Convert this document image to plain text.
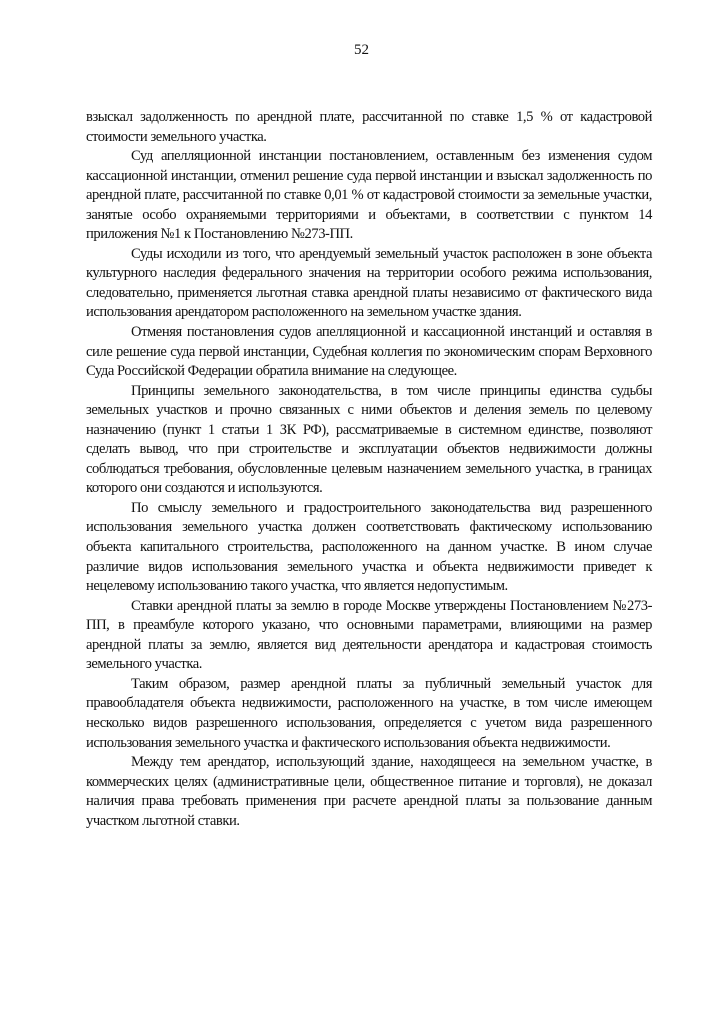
52

взыскал задолженность по арендной плате, рассчитанной по ставке 1,5 % от кадастровой стоимости земельного участка.

Суд апелляционной инстанции постановлением, оставленным без изменения судом кассационной инстанции, отменил решение суда первой инстанции и взыскал задолженность по арендной плате, рассчитанной по ставке 0,01 % от кадастровой стоимости за земельные участки, занятые особо охраняемыми территориями и объектами, в соответствии с пунктом 14 приложения №1 к Постановлению №273-ПП.

Суды исходили из того, что арендуемый земельный участок расположен в зоне объекта культурного наследия федерального значения на территории особого режима использования, следовательно, применяется льготная ставка арендной платы независимо от фактического вида использования арендатором расположенного на земельном участке здания.

Отменяя постановления судов апелляционной и кассационной инстанций и оставляя в силе решение суда первой инстанции, Судебная коллегия по экономическим спорам Верховного Суда Российской Федерации обратила внимание на следующее.

Принципы земельного законодательства, в том числе принципы единства судьбы земельных участков и прочно связанных с ними объектов и деления земель по целевому назначению (пункт 1 статьи 1 ЗК РФ), рассматриваемые в системном единстве, позволяют сделать вывод, что при строительстве и эксплуатации объектов недвижимости должны соблюдаться требования, обусловленные целевым назначением земельного участка, в границах которого они создаются и используются.

По смыслу земельного и градостроительного законодательства вид разрешенного использования земельного участка должен соответствовать фактическому использованию объекта капитального строительства, расположенного на данном участке. В ином случае различие видов использования земельного участка и объекта недвижимости приведет к нецелевому использованию такого участка, что является недопустимым.

Ставки арендной платы за землю в городе Москве утверждены Постановлением №273-ПП, в преамбуле которого указано, что основными параметрами, влияющими на размер арендной платы за землю, является вид деятельности арендатора и кадастровая стоимость земельного участка.

Таким образом, размер арендной платы за публичный земельный участок для правообладателя объекта недвижимости, расположенного на участке, в том числе имеющем несколько видов разрешенного использования, определяется с учетом вида разрешенного использования земельного участка и фактического использования объекта недвижимости.

Между тем арендатор, использующий здание, находящееся на земельном участке, в коммерческих целях (административные цели, общественное питание и торговля), не доказал наличия права требовать применения при расчете арендной платы за пользование данным участком льготной ставки.
